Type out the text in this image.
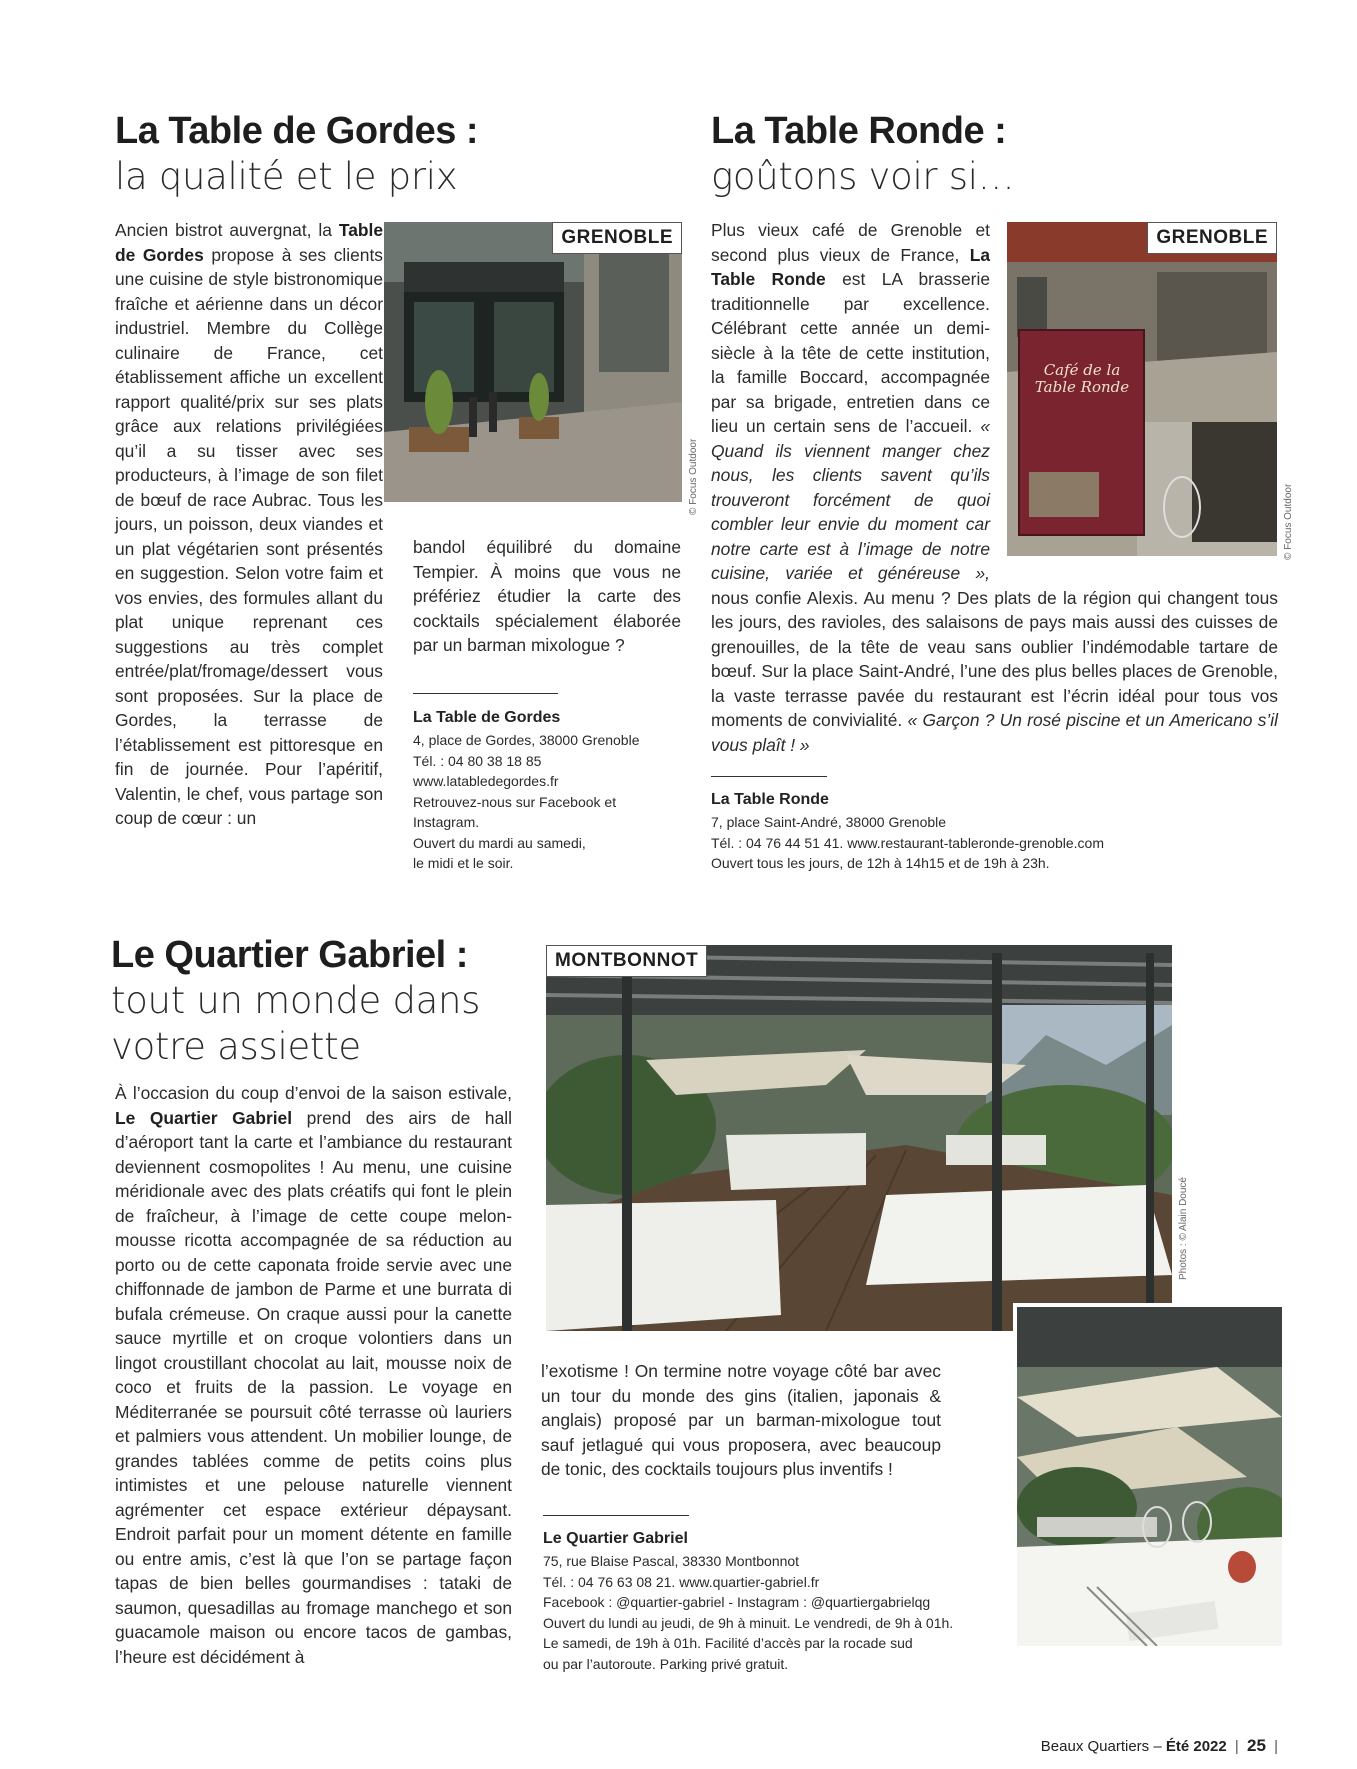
La Table de Gordes :
la qualité et le prix

Ancien bistrot auvergnat, la Table de Gordes propose à ses clients une cuisine de style bistronomique fraîche et aérienne dans un décor industriel. Membre du Collège culinaire de France, cet établissement affiche un excellent rapport qualité/prix sur ses plats grâce aux relations privilégiées qu’il a su tisser avec ses producteurs, à l’image de son filet de bœuf de race Aubrac. Tous les jours, un poisson, deux viandes et un plat végétarien sont présentés en suggestion. Selon votre faim et vos envies, des formules allant du plat unique reprenant ces suggestions au très complet entrée/plat/fromage/dessert vous sont proposées. Sur la place de Gordes, la terrasse de l’établissement est pittoresque en fin de journée. Pour l’apéritif, Valentin, le chef, vous partage son coup de cœur : un

GRENOBLE
© Focus Outdoor

bandol équilibré du domaine Tempier. À moins que vous ne préfériez étudier la carte des cocktails spécialement élaborée par un barman mixologue ?

La Table de Gordes
4, place de Gordes, 38000 Grenoble
Tél. : 04 80 38 18 85
www.latabledegordes.fr
Retrouvez-nous sur Facebook et
Instagram.
Ouvert du mardi au samedi,
le midi et le soir.
La Table Ronde :
goûtons voir si…
Café de la Table Ronde
GRENOBLE
© Focus Outdoor

Plus vieux café de Grenoble et second plus vieux de France, La Table Ronde est LA brasserie traditionnelle par excellence. Célébrant cette année un demi-siècle à la tête de cette institution, la famille Boccard, accompagnée par sa brigade, entretien dans ce lieu un certain sens de l’accueil. « Quand ils viennent manger chez nous, les clients savent qu’ils trouveront forcément de quoi combler leur envie du moment car notre carte est à l’image de notre cuisine, variée et généreuse », nous confie Alexis. Au menu ? Des plats de la région qui changent tous les jours, des ravioles, des salaisons de pays mais aussi des cuisses de grenouilles, de la tête de veau sans oublier l’indémodable tartare de bœuf. Sur la place Saint-André, l’une des plus belles places de Grenoble, la vaste terrasse pavée du restaurant est l’écrin idéal pour tous vos moments de convivialité. « Garçon ? Un rosé piscine et un Americano s’il vous plaît ! »

La Table Ronde
7, place Saint-André, 38000 Grenoble
Tél. : 04 76 44 51 41. www.restaurant-tableronde-grenoble.com
Ouvert tous les jours, de 12h à 14h15 et de 19h à 23h.
Le Quartier Gabriel :
tout un monde dans
votre assiette

À l’occasion du coup d’envoi de la saison estivale, Le Quartier Gabriel prend des airs de hall d’aéroport tant la carte et l’ambiance du restaurant deviennent cosmopolites ! Au menu, une cuisine méridionale avec des plats créatifs qui font le plein de fraîcheur, à l’image de cette coupe melon-mousse ricotta accompagnée de sa réduction au porto ou de cette caponata froide servie avec une chiffonnade de jambon de Parme et une burrata di bufala crémeuse. On craque aussi pour la canette sauce myrtille et on croque volontiers dans un lingot croustillant chocolat au lait, mousse noix de coco et fruits de la passion. Le voyage en Méditerranée se poursuit côté terrasse où lauriers et palmiers vous attendent. Un mobilier lounge, de grandes tablées comme de petits coins plus intimistes et une pelouse naturelle viennent agrémenter cet espace extérieur dépaysant. Endroit parfait pour un moment détente en famille ou entre amis, c’est là que l’on se partage façon tapas de bien belles gourmandises : tataki de saumon, quesadillas au fromage manchego et son guacamole maison ou encore tacos de gambas, l’heure est décidément à

MONTBONNOT
Photos : © Alain Doucé

l’exotisme ! On termine notre voyage côté bar avec un tour du monde des gins (italien, japonais & anglais) proposé par un barman-mixologue tout sauf jetlagué qui vous proposera, avec beaucoup de tonic, des cocktails toujours plus inventifs !

Le Quartier Gabriel
75, rue Blaise Pascal, 38330 Montbonnot
Tél. : 04 76 63 08 21. www.quartier-gabriel.fr
Facebook : @quartier-gabriel - Instagram : @quartiergabrielqg
Ouvert du lundi au jeudi, de 9h à minuit. Le vendredi, de 9h à 01h.
Le samedi, de 19h à 01h. Facilité d’accès par la rocade sud
ou par l’autoroute. Parking privé gratuit.
Beaux Quartiers – Été 2022 | 25 |
